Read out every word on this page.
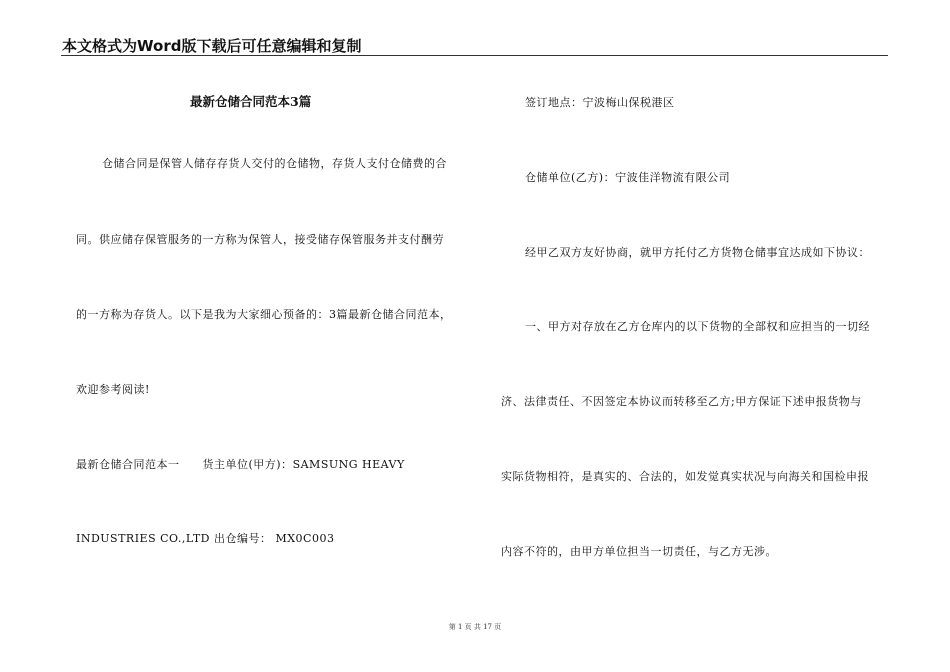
本文格式为Word版下载后可任意编辑和复制
最新仓储合同范本3篇
仓储合同是保管人储存存货人交付的仓储物，存货人支付仓储费的合
同。供应储存保管服务的一方称为保管人，接受储存保管服务并支付酬劳
的一方称为存货人。以下是我为大家细心预备的：3篇最新仓储合同范本，
欢迎参考阅读!
最新仓储合同范本一　　货主单位(甲方)：SAMSUNG HEAVY
INDUSTRIES CO.,LTD 出仓编号： MX0C003
签订地点：宁波梅山保税港区
仓储单位(乙方)：宁波佳洋物流有限公司
经甲乙双方友好协商，就甲方托付乙方货物仓储事宜达成如下协议：
一、甲方对存放在乙方仓库内的以下货物的全部权和应担当的一切经
济、法律责任、不因签定本协议而转移至乙方;甲方保证下述申报货物与
实际货物相符，是真实的、合法的，如发觉真实状况与向海关和国检申报
内容不符的，由甲方单位担当一切责任，与乙方无涉。
第 1 页 共 17 页
